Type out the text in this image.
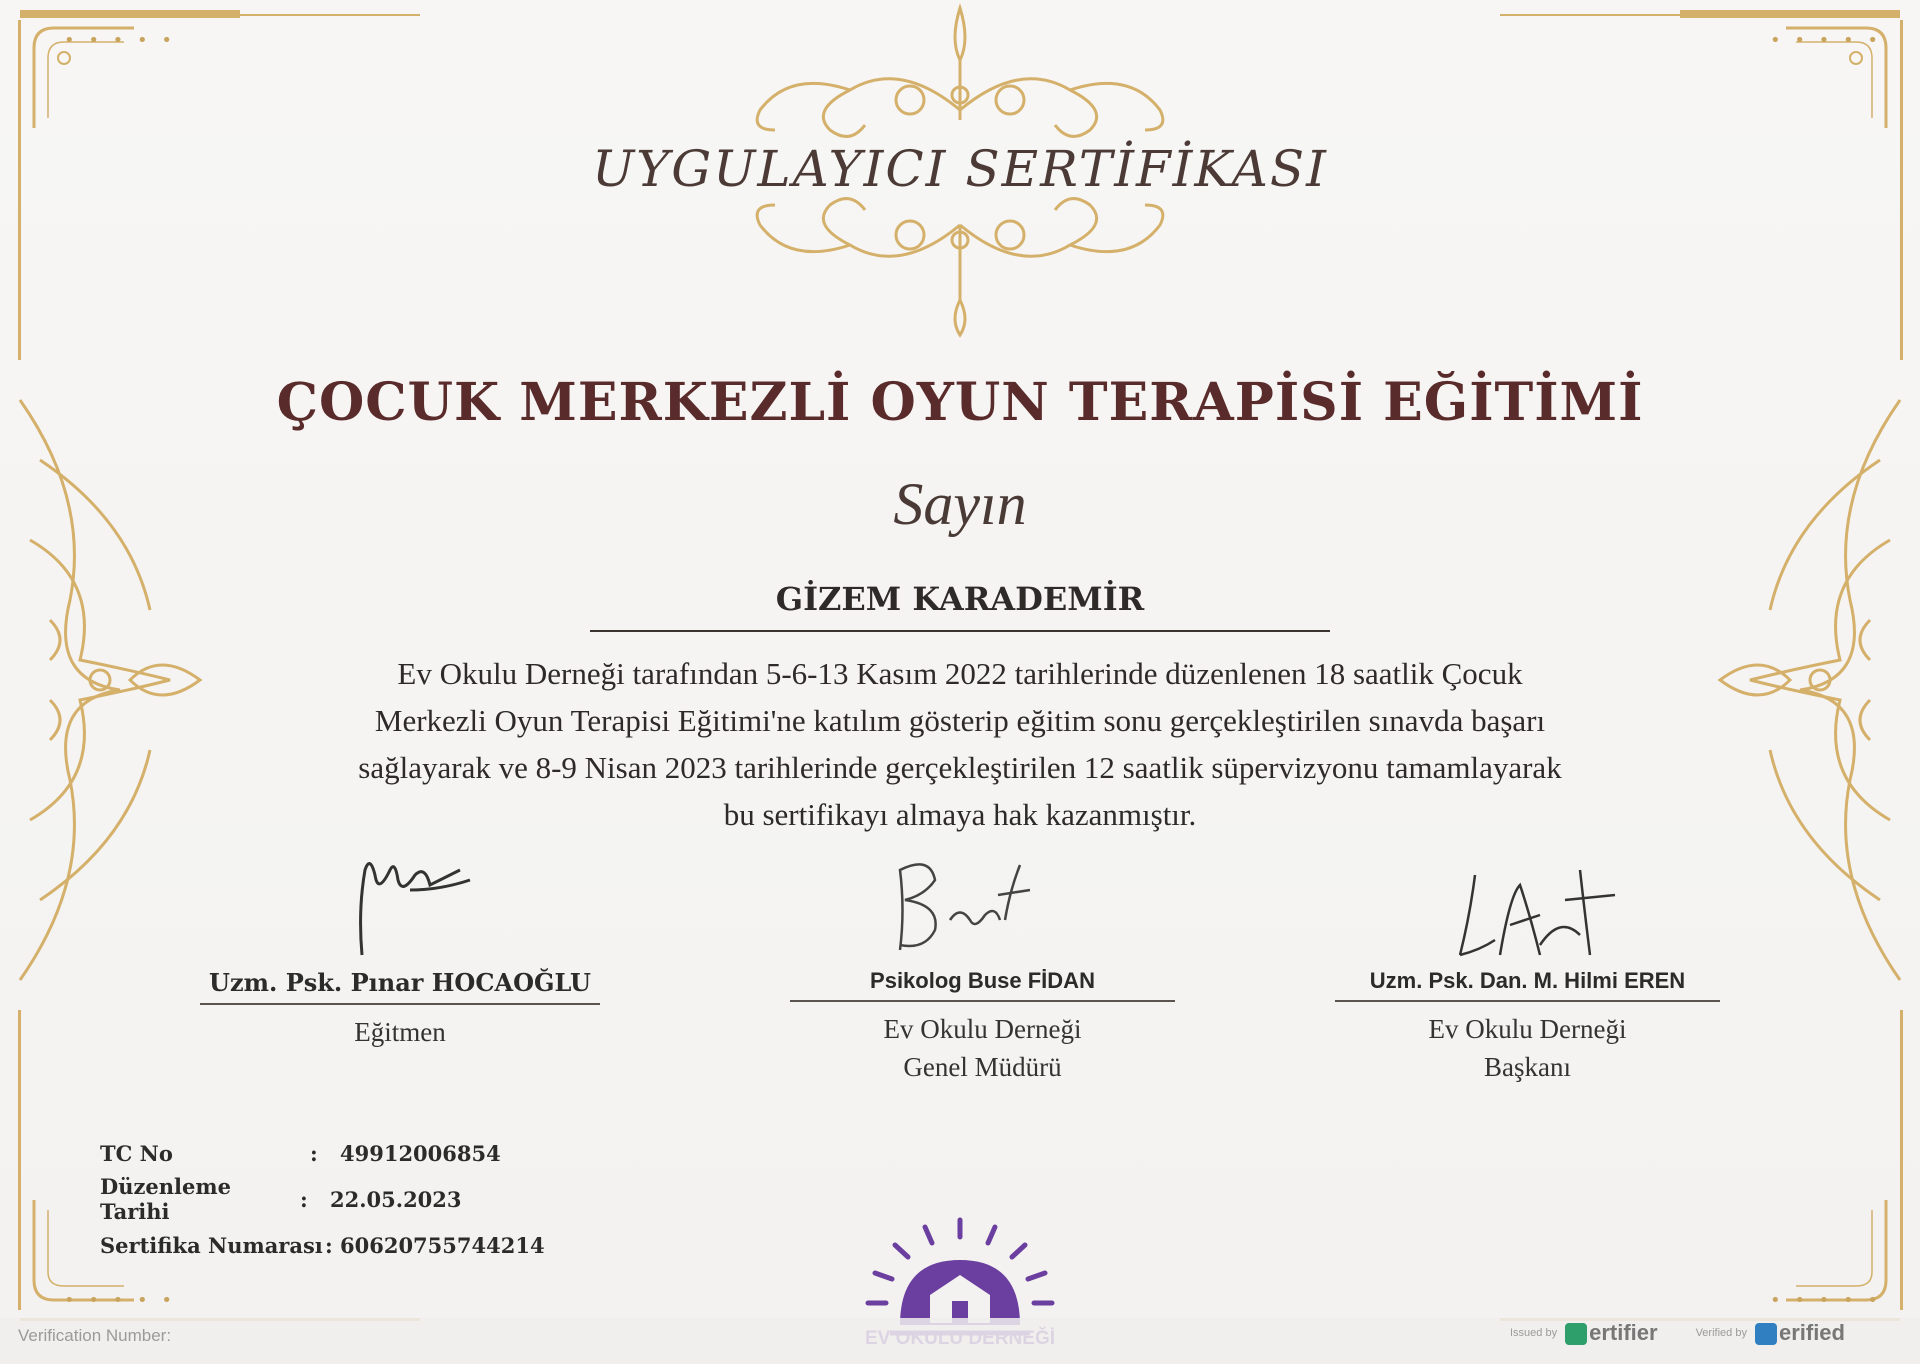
• • • • •	• • • • •
• • • • •	• • • • •
UYGULAYICI SERTİFİKASI
ÇOCUK MERKEZLİ OYUN TERAPİSİ EĞİTİMİ
Sayın
GİZEM KARADEMİR
Ev Okulu Derneği tarafından 5-6-13 Kasım 2022 tarihlerinde düzenlenen 18 saatlik Çocuk
Merkezli Oyun Terapisi Eğitimi'ne katılım gösterip eğitim sonu gerçekleştirilen sınavda başarı
sağlayarak ve 8-9 Nisan 2023 tarihlerinde gerçekleştirilen 12 saatlik süpervizyonu tamamlayarak
bu sertifikayı almaya hak kazanmıştır.
Uzm. Psk. Pınar HOCAOĞLU
Eğitmen
Psikolog Buse FİDAN
Ev Okulu Derneği
Genel Müdürü
Uzm. Psk. Dan. M. Hilmi EREN
Ev Okulu Derneği
Başkanı
TC No	:	49912006854
Düzenleme Tarihi	:	22.05.2023
Sertifika Numarası : 60620755744214
Verification Number:	Issued by	ertifier	Verified by	erified
